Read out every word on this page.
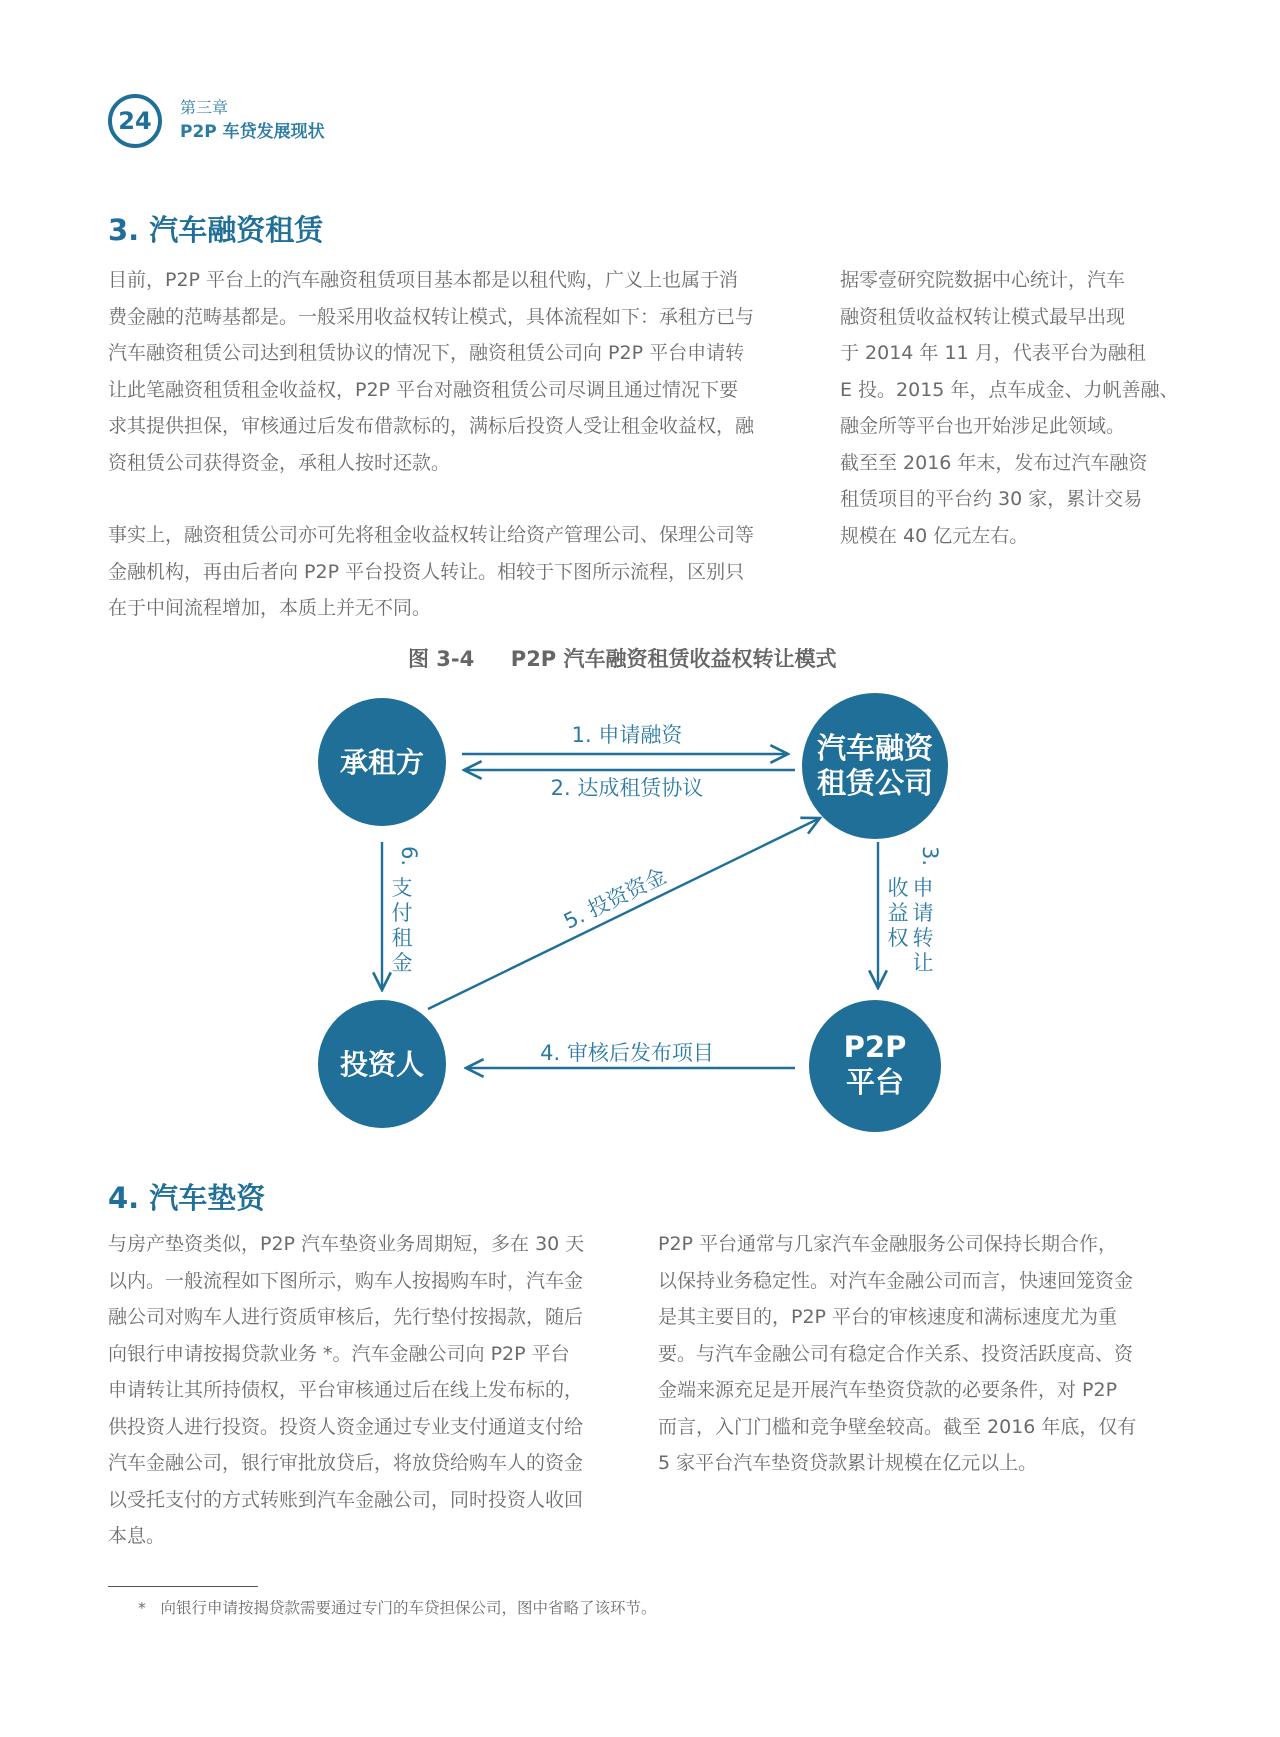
24 第三章
P2P 车贷发展现状
3. 汽车融资租赁
目前，P2P 平台上的汽车融资租赁项目基本都是以租代购，广义上也属于消
费金融的范畴基都是。一般采用收益权转让模式，具体流程如下：承租方已与
汽车融资租赁公司达到租赁协议的情况下，融资租赁公司向 P2P 平台申请转
让此笔融资租赁租金收益权，P2P 平台对融资租赁公司尽调且通过情况下要
求其提供担保，审核通过后发布借款标的，满标后投资人受让租金收益权，融
资租赁公司获得资金，承租人按时还款。
事实上，融资租赁公司亦可先将租金收益权转让给资产管理公司、保理公司等
金融机构，再由后者向 P2P 平台投资人转让。相较于下图所示流程，区别只
在于中间流程增加，本质上并无不同。
据零壹研究院数据中心统计，汽车
融资租赁收益权转让模式最早出现
于 2014 年 11 月，代表平台为融租
E 投。2015 年，点车成金、力帆善融、
融金所等平台也开始涉足此领域。
截至至 2016 年末，发布过汽车融资
租赁项目的平台约 30 家，累计交易
规模在 40 亿元左右。
图 3-4     P2P 汽车融资租赁收益权转让模式
承租方	汽车融资
租赁公司
投资人
P2P
平台
1. 申请融资
2. 达成租赁协议
4. 审核后发布项目
5. 投资资金
6.
支
付
租
金
3.
申
请
转
让
收
益
权
4. 汽车垫资
与房产垫资类似，P2P 汽车垫资业务周期短，多在 30 天
以内。一般流程如下图所示，购车人按揭购车时，汽车金
融公司对购车人进行资质审核后，先行垫付按揭款，随后
向银行申请按揭贷款业务 *。汽车金融公司向 P2P 平台
申请转让其所持债权，平台审核通过后在线上发布标的，
供投资人进行投资。投资人资金通过专业支付通道支付给
汽车金融公司，银行审批放贷后，将放贷给购车人的资金
以受托支付的方式转账到汽车金融公司，同时投资人收回
本息。
P2P 平台通常与几家汽车金融服务公司保持长期合作，
以保持业务稳定性。对汽车金融公司而言，快速回笼资金
是其主要目的，P2P 平台的审核速度和满标速度尤为重
要。与汽车金融公司有稳定合作关系、投资活跃度高、资
金端来源充足是开展汽车垫资贷款的必要条件，对 P2P
而言，入门门槛和竞争壁垒较高。截至 2016 年底，仅有
5 家平台汽车垫资贷款累计规模在亿元以上。
*   向银行申请按揭贷款需要通过专门的车贷担保公司，图中省略了该环节。
